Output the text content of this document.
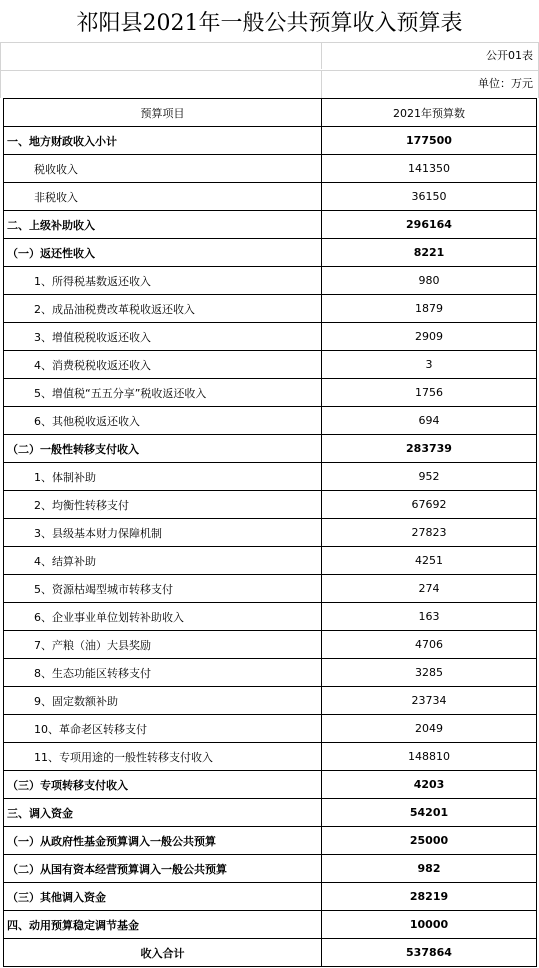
祁阳县2021年一般公共预算收入预算表
公开01表
单位：万元
预算项目	2021年预算数
一、地方财政收入小计	177500
税收收入	141350
非税收入	36150
二、上级补助收入	296164
（一）返还性收入	8221
1、所得税基数返还收入	980
2、成品油税费改革税收返还收入	1879
3、增值税税收返还收入	2909
4、消费税税收返还收入	3
5、增值税“五五分享”税收返还收入	1756
6、其他税收返还收入	694
（二）一般性转移支付收入	283739
1、体制补助	952
2、均衡性转移支付	67692
3、县级基本财力保障机制	27823
4、结算补助	4251
5、资源枯竭型城市转移支付	274
6、企业事业单位划转补助收入	163
7、产粮（油）大县奖励	4706
8、生态功能区转移支付	3285
9、固定数额补助	23734
10、革命老区转移支付	2049
11、专项用途的一般性转移支付收入	148810
（三）专项转移支付收入	4203
三、调入资金	54201
（一）从政府性基金预算调入一般公共预算	25000
（二）从国有资本经营预算调入一般公共预算	982
（三）其他调入资金	28219
四、动用预算稳定调节基金	10000
收入合计	537864
